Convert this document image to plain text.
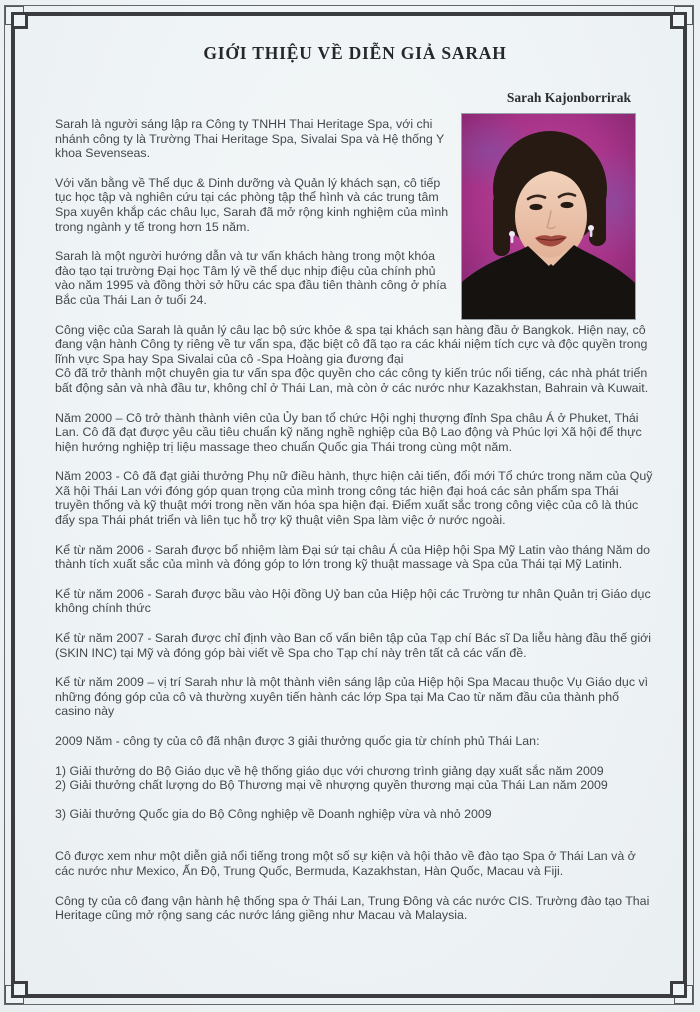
GIỚI THIỆU VỀ DIỄN GIẢ SARAH
Sarah Kajonborrirak

Sarah là người sáng lập ra Công ty TNHH Thai Heritage Spa, với chi nhánh công ty là Trường Thai Heritage Spa, Sivalai Spa và Hệ thống Y khoa Sevenseas.

Với văn bằng về Thể dục & Dinh dưỡng và Quản lý khách sạn, cô tiếp tục học tập và nghiên cứu tại các phòng tập thể hình và các trung tâm Spa xuyên khắp các châu lục, Sarah đã mở rộng kinh nghiệm của mình trong ngành y tế trong hơn 15 năm.

Sarah là một người hướng dẫn và tư vấn khách hàng trong một khóa đào tạo tại trường Đại học Tâm lý về thể dục nhịp điệu của chính phủ vào năm 1995 và đồng thời sở hữu các spa đầu tiên thành công ở phía Bắc của Thái Lan ở tuổi 24.

Công việc của Sarah là quản lý câu lạc bộ sức khỏe & spa tại khách sạn hàng đầu ở Bangkok. Hiện nay, cô đang vận hành Công ty riêng về tư vấn spa, đặc biệt cô đã tạo ra các khái niệm tích cực và độc quyền trong lĩnh vực Spa hay Spa Sivalai của cô -Spa Hoàng gia đương đại

Cô đã trở thành một chuyên gia tư vấn spa độc quyền cho các công ty kiến trúc nổi tiếng, các nhà phát triển bất động sản và nhà đầu tư, không chỉ ở Thái Lan, mà còn ở các nước như Kazakhstan, Bahrain và Kuwait.

Năm 2000 – Cô trở thành thành viên của Ủy ban tổ chức Hội nghị thượng đỉnh Spa châu Á ở Phuket, Thái Lan. Cô đã đạt được yêu cầu tiêu chuẩn kỹ năng nghề nghiệp của Bộ Lao động và Phúc lợi Xã hội để thực hiện hướng nghiệp trị liệu massage theo chuẩn Quốc gia Thái trong cùng một năm.

Năm 2003 - Cô đã đạt giải thưởng Phụ nữ điều hành, thực hiện cải tiến, đổi mới Tổ chức trong năm của Quỹ Xã hội Thái Lan với đóng góp quan trọng của mình trong công tác hiện đại hoá các sản phẩm spa Thái truyền thống và kỹ thuật mới trong nền văn hóa spa hiện đại. Điểm xuất sắc trong công việc của cô là thúc đẩy spa Thái phát triển và liên tục hỗ trợ kỹ thuật viên Spa làm việc ở nước ngoài.

Kể từ năm 2006 - Sarah được bổ nhiệm làm Đại sứ tại châu Á của Hiệp hội Spa Mỹ Latin vào tháng Năm do thành tích xuất sắc của mình và đóng góp to lớn trong kỹ thuật massage và Spa của Thái tại Mỹ Latinh.

Kể từ năm 2006 - Sarah được bầu vào Hội đồng Uỷ ban của Hiệp hội các Trường tư nhân Quản trị Giáo dục không chính thức

Kể từ năm 2007 - Sarah được chỉ định vào Ban cố vấn biên tập của Tạp chí Bác sĩ Da liễu hàng đầu thế giới (SKIN INC) tại Mỹ và đóng góp bài viết về Spa cho Tạp chí này trên tất cả các vấn đề.

Kể từ năm 2009 – vị trí Sarah như là một thành viên sáng lập của Hiệp hội Spa Macau thuộc Vụ Giáo dục vì những đóng góp của cô và thường xuyên tiến hành các lớp Spa tại Ma Cao từ năm đầu của thành phố casino này

2009 Năm - công ty của cô đã nhận được 3 giải thưởng quốc gia từ chính phủ Thái Lan:

1) Giải thưởng do Bộ Giáo dục về hệ thống giáo dục với chương trình giảng dạy xuất sắc năm 2009
2) Giải thưởng chất lượng do Bộ Thương mại về nhượng quyền thương mại của Thái Lan năm 2009
3) Giải thưởng Quốc gia do Bộ Công nghiệp về Doanh nghiệp vừa và nhỏ 2009

Cô được xem như một diễn giả nổi tiếng trong một số sự kiện và hội thảo về đào tạo Spa ở Thái Lan và ở các nước như Mexico, Ấn Độ, Trung Quốc, Bermuda, Kazakhstan, Hàn Quốc, Macau và Fiji.

Công ty của cô đang vận hành hệ thống spa ở Thái Lan, Trung Đông và các nước CIS. Trường đào tạo Thai Heritage cũng mở rộng sang các nước láng giềng như Macau và Malaysia.
